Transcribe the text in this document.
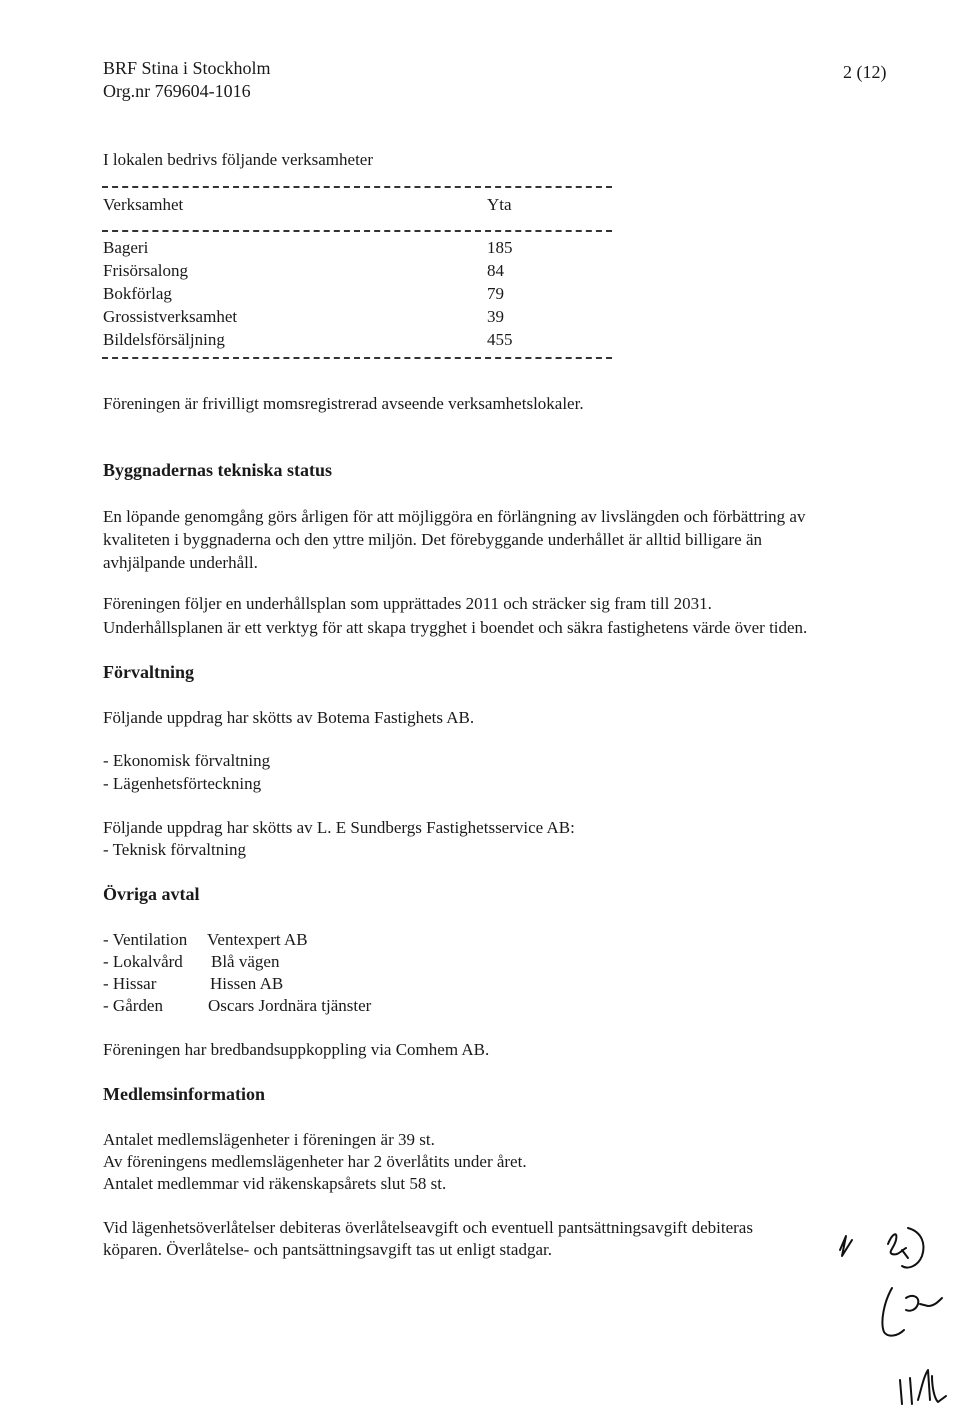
BRF Stina i Stockholm
Org.nr 769604-1016
2 (12)
I lokalen bedrivs följande verksamheter
Verksamhet	Yta
Bageri	185
Frisörsalong	84
Bokförlag	79
Grossistverksamhet	39
Bildelsförsäljning	455
Föreningen är frivilligt momsregistrerad avseende verksamhetslokaler.
Byggnadernas tekniska status
En löpande genomgång görs årligen för att möjliggöra en förlängning av livslängden och förbättring av
kvaliteten i byggnaderna och den yttre miljön. Det förebyggande underhållet är alltid billigare än
avhjälpande underhåll.
Föreningen följer en underhållsplan som upprättades 2011 och sträcker sig fram till 2031.
Underhållsplanen är ett verktyg för att skapa trygghet i boendet och säkra fastighetens värde över tiden.
Förvaltning
Följande uppdrag har skötts av Botema Fastighets AB.
- Ekonomisk förvaltning
- Lägenhetsförteckning
Följande uppdrag har skötts av L. E Sundbergs Fastighetsservice AB:
- Teknisk förvaltning
Övriga avtal
- Ventilation Ventexpert AB
- Lokalvård Blå vägen
- Hissar	Hissen AB
- Gården	Oscars Jordnära tjänster
Föreningen har bredbandsuppkoppling via Comhem AB.
Medlemsinformation
Antalet medlemslägenheter i föreningen är 39 st.
Av föreningens medlemslägenheter har 2 överlåtits under året.
Antalet medlemmar vid räkenskapsårets slut 58 st.
Vid lägenhetsöverlåtelser debiteras överlåtelseavgift och eventuell pantsättningsavgift debiteras
köparen. Överlåtelse- och pantsättningsavgift tas ut enligt stadgar.
